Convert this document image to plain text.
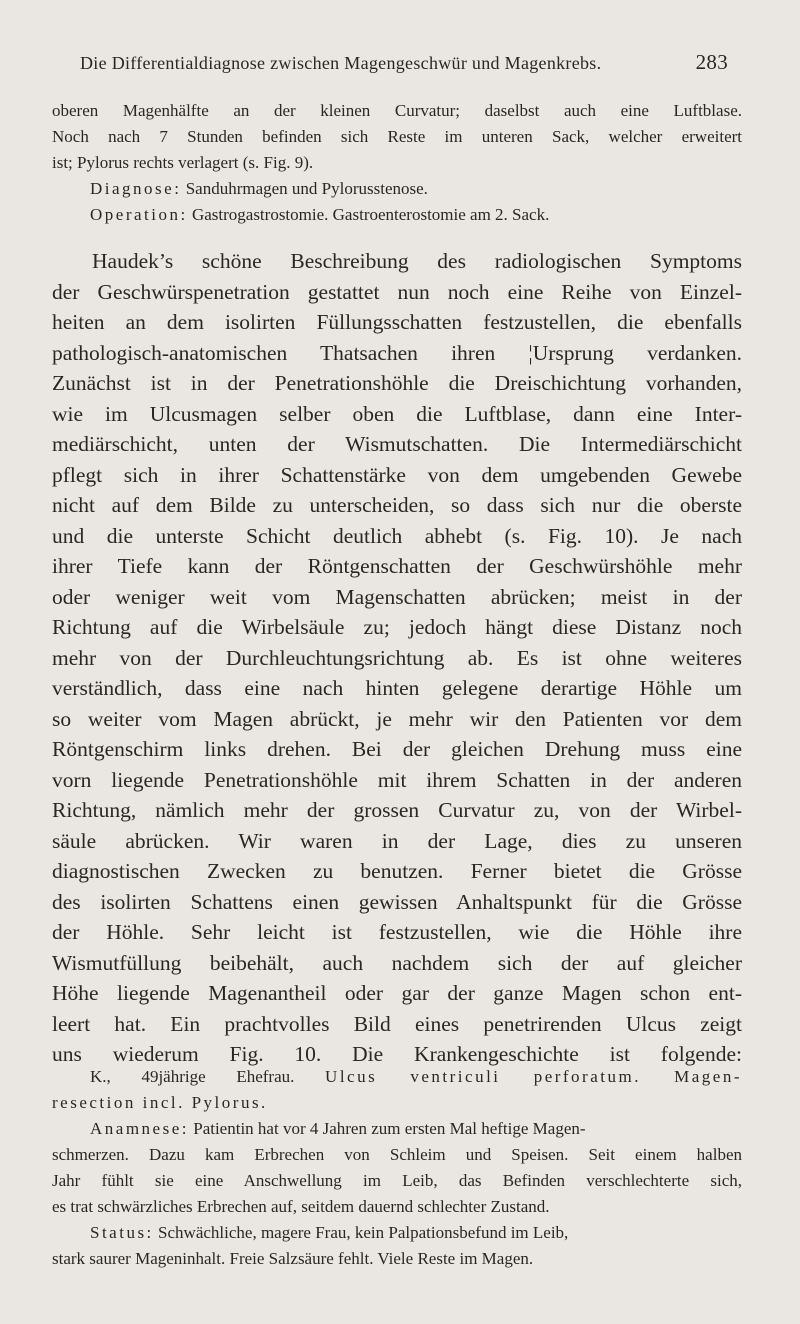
Die Differentialdiagnose zwischen Magengeschwür und Magenkrebs.	283
oberen Magenhälfte an der kleinen Curvatur; daselbst auch eine Luftblase.
Noch nach 7 Stunden befinden sich Reste im unteren Sack, welcher erweitert
ist; Pylorus rechts verlagert (s. Fig. 9).
Diagnose: Sanduhrmagen und Pylorusstenose.
Operation: Gastrogastrostomie. Gastroenterostomie am 2. Sack.
Haudek’s schöne Beschreibung des radiologischen Symptoms
der Geschwürspenetration gestattet nun noch eine Reihe von Einzel-
heiten an dem isolirten Füllungsschatten festzustellen, die ebenfalls
pathologisch-anatomischen Thatsachen ihren ¦Ursprung verdanken.
Zunächst ist in der Penetrationshöhle die Dreischichtung vorhanden,
wie im Ulcusmagen selber oben die Luftblase, dann eine Inter-
mediärschicht, unten der Wismutschatten. Die Intermediärschicht
pflegt sich in ihrer Schattenstärke von dem umgebenden Gewebe
nicht auf dem Bilde zu unterscheiden, so dass sich nur die oberste
und die unterste Schicht deutlich abhebt (s. Fig. 10). Je nach
ihrer Tiefe kann der Röntgenschatten der Geschwürshöhle mehr
oder weniger weit vom Magenschatten abrücken; meist in der
Richtung auf die Wirbelsäule zu; jedoch hängt diese Distanz noch
mehr von der Durchleuchtungsrichtung ab. Es ist ohne weiteres
verständlich, dass eine nach hinten gelegene derartige Höhle um
so weiter vom Magen abrückt, je mehr wir den Patienten vor dem
Röntgenschirm links drehen. Bei der gleichen Drehung muss eine
vorn liegende Penetrationshöhle mit ihrem Schatten in der anderen
Richtung, nämlich mehr der grossen Curvatur zu, von der Wirbel-
säule abrücken. Wir waren in der Lage, dies zu unseren
diagnostischen Zwecken zu benutzen. Ferner bietet die Grösse
des isolirten Schattens einen gewissen Anhaltspunkt für die Grösse
der Höhle. Sehr leicht ist festzustellen, wie die Höhle ihre
Wismutfüllung beibehält, auch nachdem sich der auf gleicher
Höhe liegende Magenantheil oder gar der ganze Magen schon ent-
leert hat. Ein prachtvolles Bild eines penetrirenden Ulcus zeigt
uns wiederum Fig. 10. Die Krankengeschichte ist folgende:
K., 49jährige Ehefrau. Ulcus ventriculi perforatum. Magen-
resection incl. Pylorus.
Anamnese: Patientin hat vor 4 Jahren zum ersten Mal heftige Magen-
schmerzen. Dazu kam Erbrechen von Schleim und Speisen. Seit einem halben
Jahr fühlt sie eine Anschwellung im Leib, das Befinden verschlechterte sich,
es trat schwärzliches Erbrechen auf, seitdem dauernd schlechter Zustand.
Status: Schwächliche, magere Frau, kein Palpationsbefund im Leib,
stark saurer Mageninhalt. Freie Salzsäure fehlt. Viele Reste im Magen.
